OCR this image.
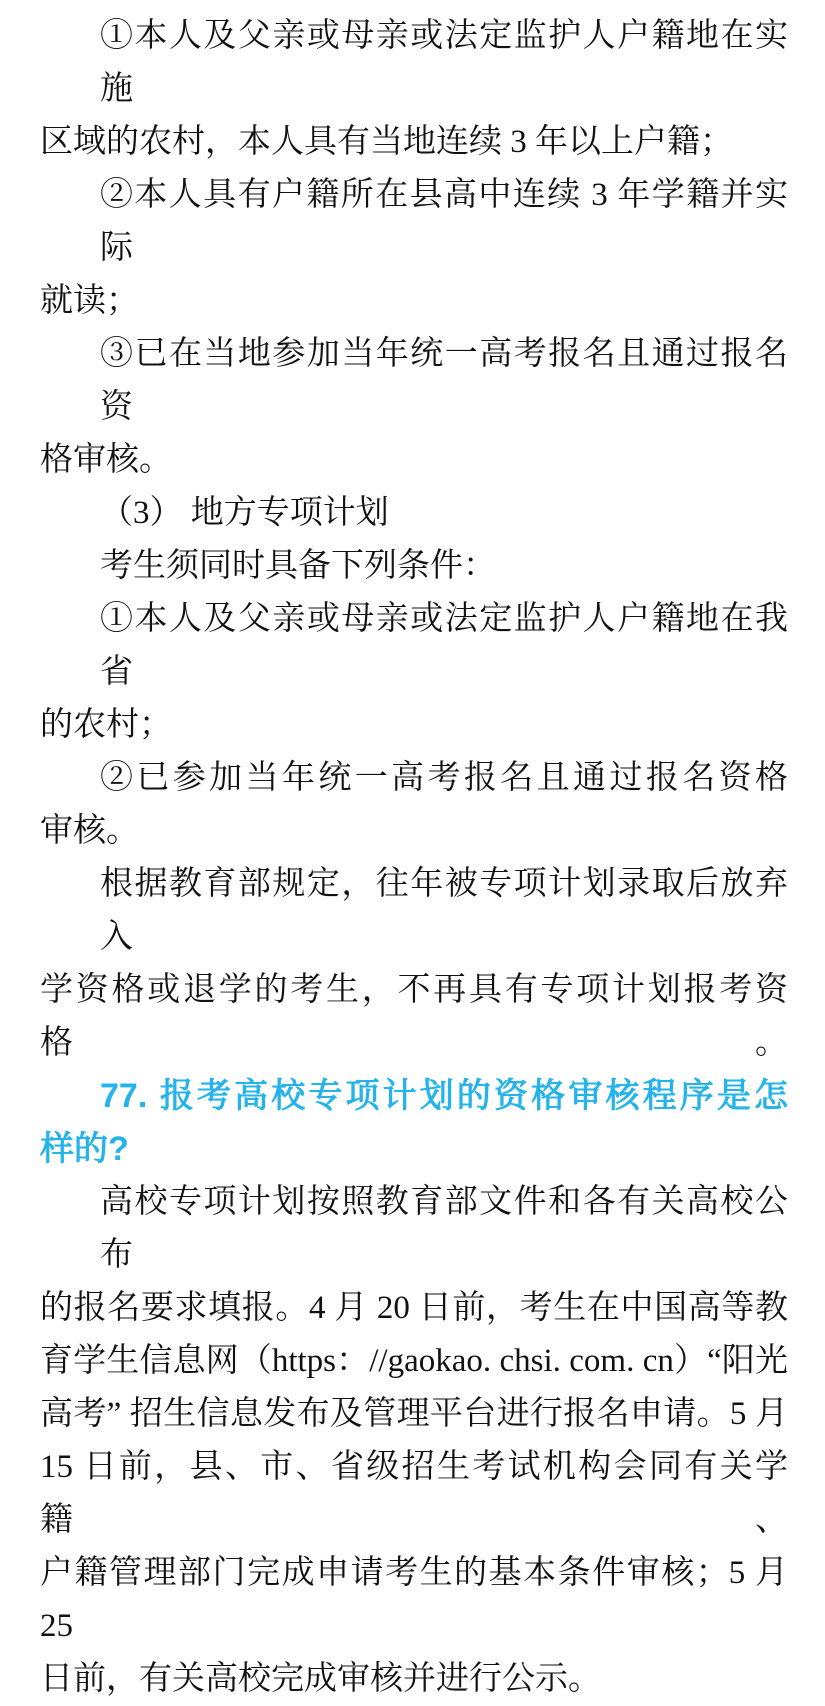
①本人及父亲或母亲或法定监护人户籍地在实施
区域的农村，本人具有当地连续 3 年以上户籍；
②本人具有户籍所在县高中连续 3 年学籍并实际
就读；
③已在当地参加当年统一高考报名且通过报名资
格审核。
（3） 地方专项计划
考生须同时具备下列条件：
①本人及父亲或母亲或法定监护人户籍地在我省
的农村；
②已参加当年统一高考报名且通过报名资格
审核。
根据教育部规定，往年被专项计划录取后放弃入
学资格或退学的考生，不再具有专项计划报考资格。
77. 报考高校专项计划的资格审核程序是怎
样的?
高校专项计划按照教育部文件和各有关高校公布
的报名要求填报。4 月 20 日前，考生在中国高等教
育学生信息网（https：//gaokao. chsi. com. cn）“阳光
高考” 招生信息发布及管理平台进行报名申请。5 月
15 日前，县、市、省级招生考试机构会同有关学籍、
户籍管理部门完成申请考生的基本条件审核；5 月 25
日前，有关高校完成审核并进行公示。
